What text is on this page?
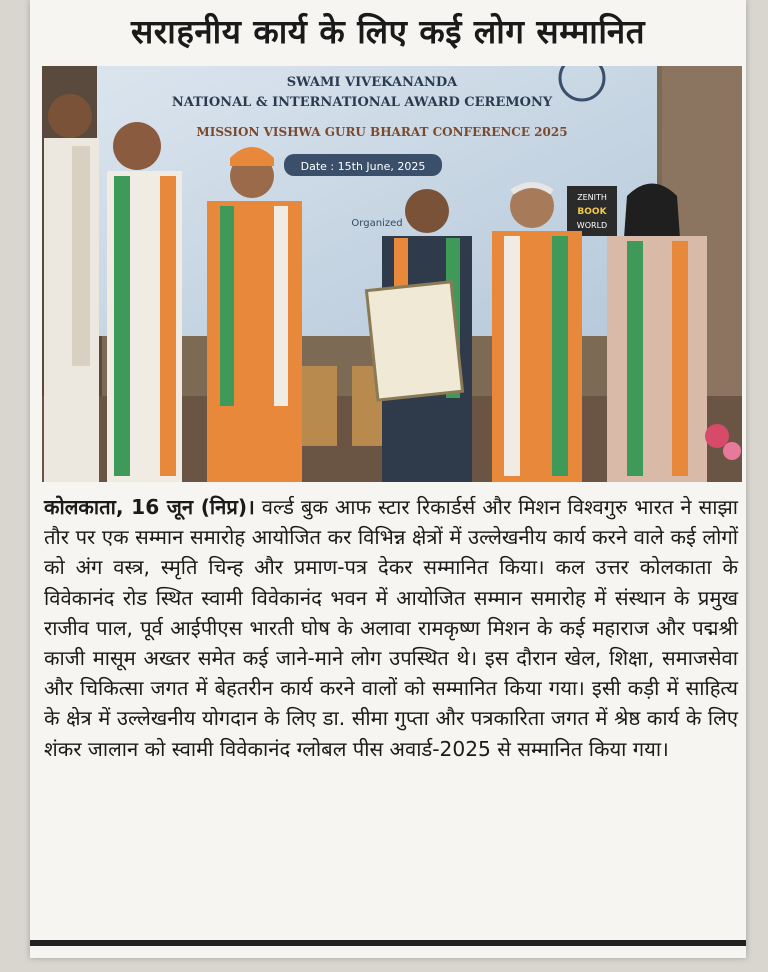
सराहनीय कार्य के लिए कई लोग सम्मानित
SWAMI VIVEKANANDA
NATIONAL & INTERNATIONAL AWARD CEREMONY
MISSION VISHWA GURU BHARAT CONFERENCE 2025
Date : 15th June, 2025
Organized
ZENITH
BOOK
WORLD
कोलकाता, 16 जून (निप्र)। वर्ल्ड बुक आफ स्टार रिकार्डर्स और मिशन विश्वगुरु भारत ने साझा तौर पर एक सम्मान समारोह आयोजित कर विभिन्न क्षेत्रों में उल्लेखनीय कार्य करने वाले कई लोगों को अंग वस्त्र, स्मृति चिन्ह और प्रमाण-पत्र देकर सम्मानित किया। कल उत्तर कोलकाता के विवेकानंद रोड स्थित स्वामी विवेकानंद भवन में आयोजित सम्मान समारोह में संस्थान के प्रमुख राजीव पाल, पूर्व आईपीएस भारती घोष के अलावा रामकृष्ण मिशन के कई महाराज और पद्मश्री काजी मासूम अख्तर समेत कई जाने-माने लोग उपस्थित थे। इस दौरान खेल, शिक्षा, समाजसेवा और चिकित्सा जगत में बेहतरीन कार्य करने वालों को सम्मानित किया गया। इसी कड़ी में साहित्य के क्षेत्र में उल्लेखनीय योगदान के लिए डा. सीमा गुप्ता और पत्रकारिता जगत में श्रेष्ठ कार्य के लिए शंकर जालान को स्वामी विवेकानंद ग्लोबल पीस अवार्ड-2025 से सम्मानित किया गया।
